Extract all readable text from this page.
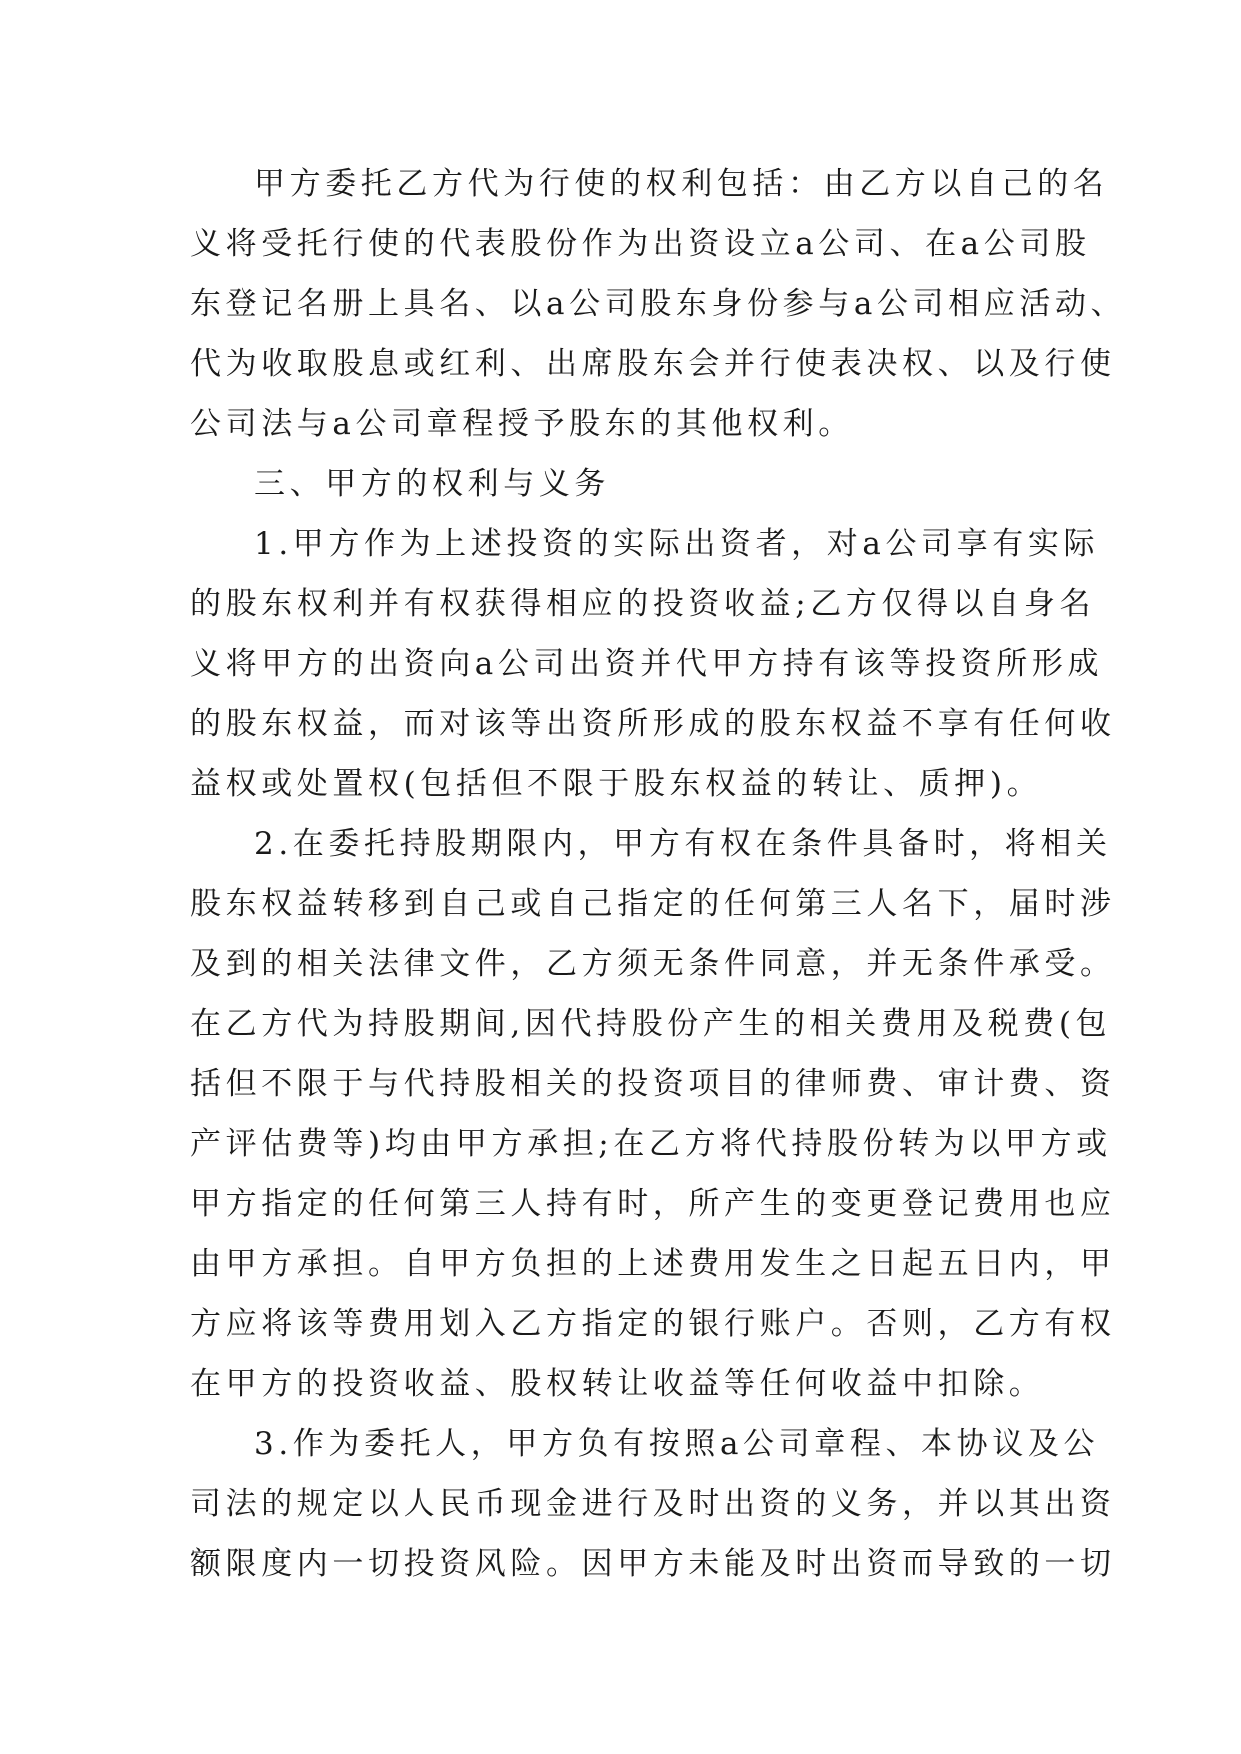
甲方委托乙方代为行使的权利包括：由乙方以自己的名
义将受托行使的代表股份作为出资设立a公司、在a公司股
东登记名册上具名、以a公司股东身份参与a公司相应活动、
代为收取股息或红利、出席股东会并行使表决权、以及行使
公司法与a公司章程授予股东的其他权利。
三、甲方的权利与义务
1.甲方作为上述投资的实际出资者，对a公司享有实际
的股东权利并有权获得相应的投资收益;乙方仅得以自身名
义将甲方的出资向a公司出资并代甲方持有该等投资所形成
的股东权益，而对该等出资所形成的股东权益不享有任何收
益权或处置权(包括但不限于股东权益的转让、质押)。
2.在委托持股期限内，甲方有权在条件具备时，将相关
股东权益转移到自己或自己指定的任何第三人名下，届时涉
及到的相关法律文件，乙方须无条件同意，并无条件承受。
在乙方代为持股期间,因代持股份产生的相关费用及税费(包
括但不限于与代持股相关的投资项目的律师费、审计费、资
产评估费等)均由甲方承担;在乙方将代持股份转为以甲方或
甲方指定的任何第三人持有时，所产生的变更登记费用也应
由甲方承担。自甲方负担的上述费用发生之日起五日内，甲
方应将该等费用划入乙方指定的银行账户。否则，乙方有权
在甲方的投资收益、股权转让收益等任何收益中扣除。
3.作为委托人，甲方负有按照a公司章程、本协议及公
司法的规定以人民币现金进行及时出资的义务，并以其出资
额限度内一切投资风险。因甲方未能及时出资而导致的一切
